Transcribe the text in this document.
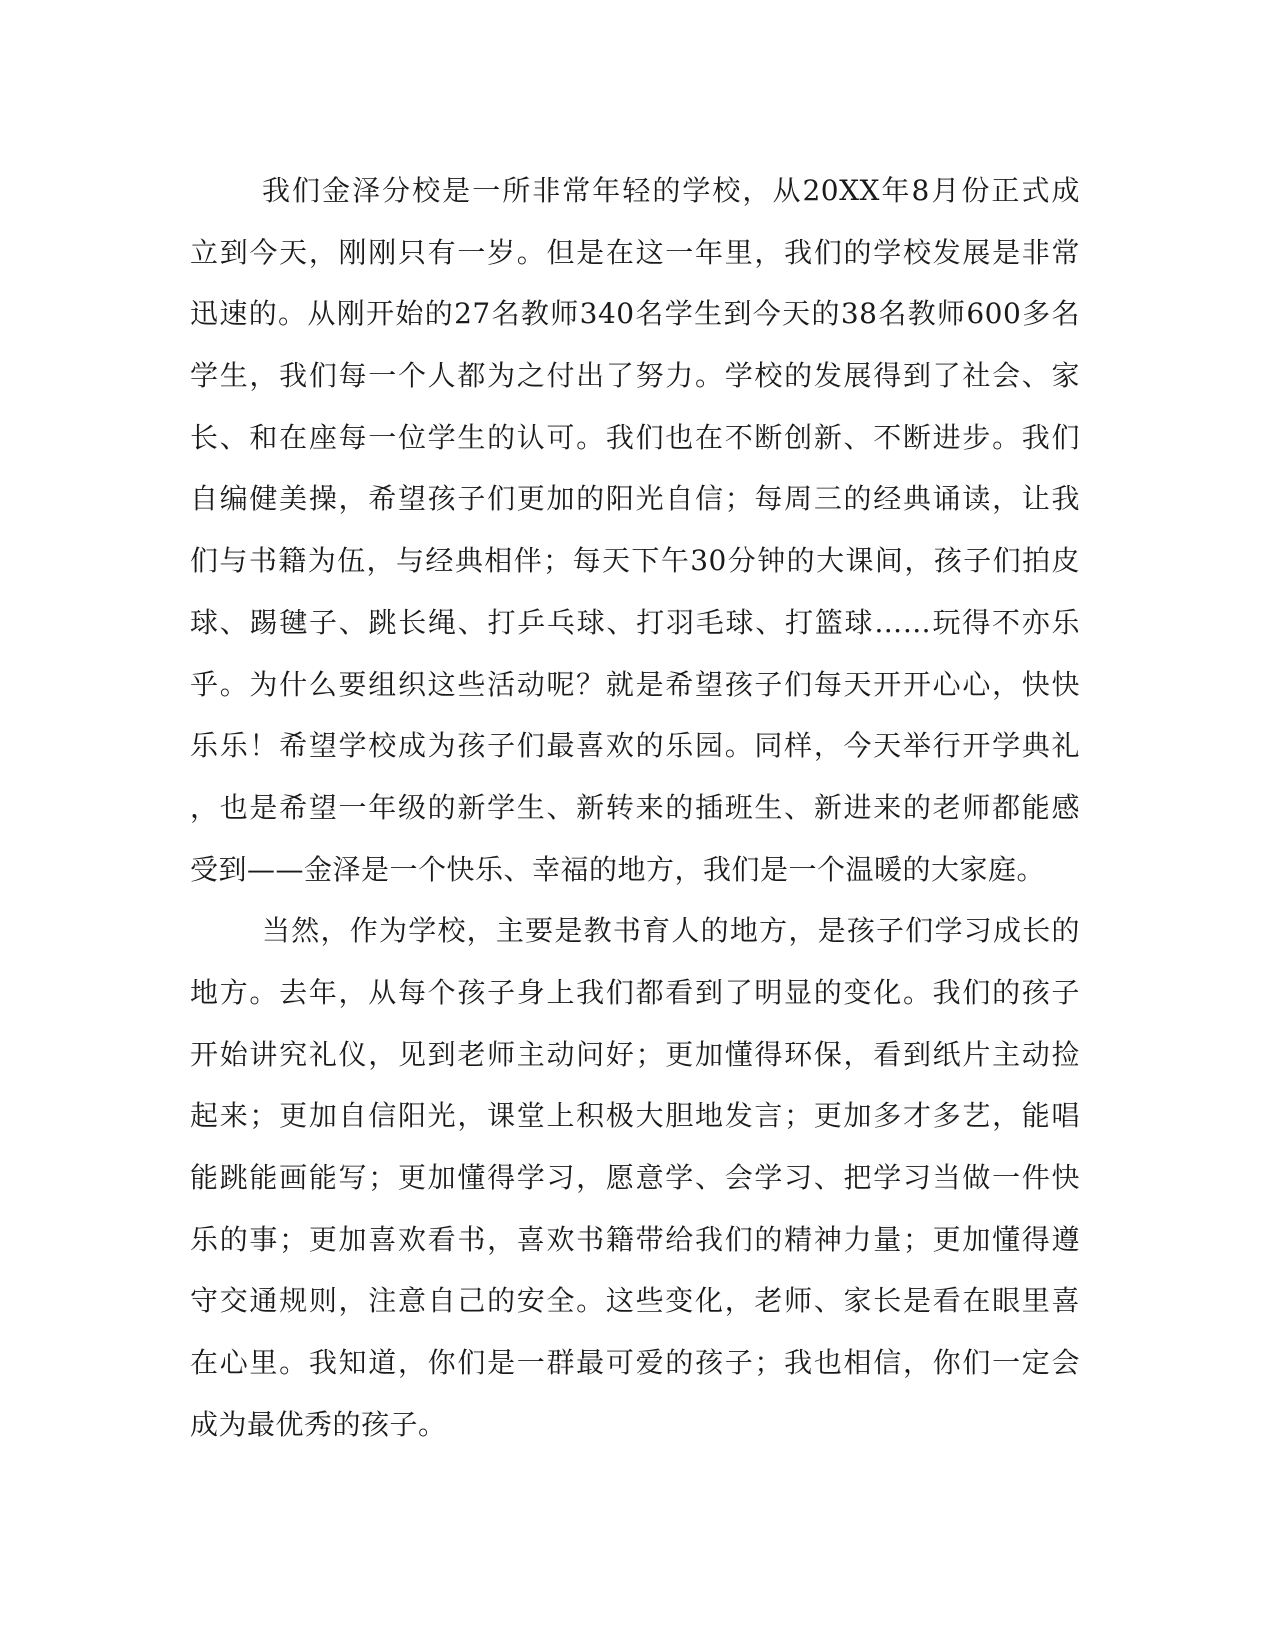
我们金泽分校是一所非常年轻的学校，从20XX年8月份正式成
立到今天，刚刚只有一岁。但是在这一年里，我们的学校发展是非常
迅速的。从刚开始的27名教师340名学生到今天的38名教师600多名
学生，我们每一个人都为之付出了努力。学校的发展得到了社会、家
长、和在座每一位学生的认可。我们也在不断创新、不断进步。我们
自编健美操，希望孩子们更加的阳光自信；每周三的经典诵读，让我
们与书籍为伍，与经典相伴；每天下午30分钟的大课间，孩子们拍皮
球、踢毽子、跳长绳、打乒乓球、打羽毛球、打篮球……玩得不亦乐
乎。为什么要组织这些活动呢？就是希望孩子们每天开开心心，快快
乐乐！希望学校成为孩子们最喜欢的乐园。同样，今天举行开学典礼
，也是希望一年级的新学生、新转来的插班生、新进来的老师都能感
受到——金泽是一个快乐、幸福的地方，我们是一个温暖的大家庭。
当然，作为学校，主要是教书育人的地方，是孩子们学习成长的
地方。去年，从每个孩子身上我们都看到了明显的变化。我们的孩子
开始讲究礼仪，见到老师主动问好；更加懂得环保，看到纸片主动捡
起来；更加自信阳光，课堂上积极大胆地发言；更加多才多艺，能唱
能跳能画能写；更加懂得学习，愿意学、会学习、把学习当做一件快
乐的事；更加喜欢看书，喜欢书籍带给我们的精神力量；更加懂得遵
守交通规则，注意自己的安全。这些变化，老师、家长是看在眼里喜
在心里。我知道，你们是一群最可爱的孩子；我也相信，你们一定会
成为最优秀的孩子。
